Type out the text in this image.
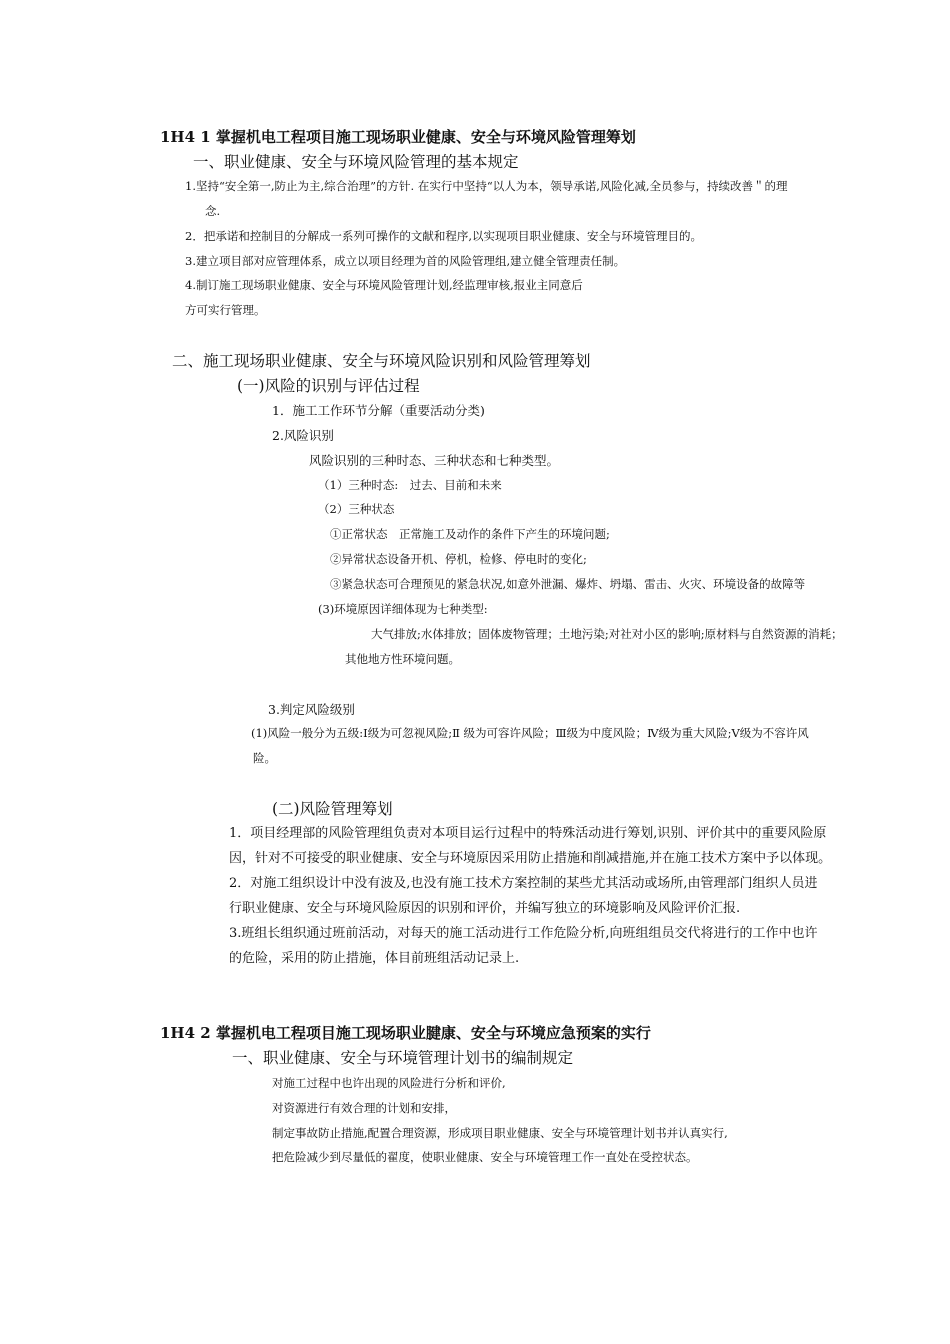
1H4 1 掌握机电工程项目施工现场职业健康、安全与环境风险管理筹划
一、职业健康、安全与环境风险管理的基本规定
1.坚持“安全第一,防止为主,综合治理”的方针. 在实行中坚持“以人为本，领导承诺,风险化减,全员参与，持续改善＂的理
念.
2．把承诺和控制目的分解成一系列可操作的文献和程序,以实现项目职业健康、安全与环境管理目的。
3.建立项目部对应管理体系，成立以项目经理为首的风险管理组,建立健全管理责任制。
4.制订施工现场职业健康、安全与环境风险管理计划,经监理审核,报业主同意后
方可实行管理。
二、施工现场职业健康、安全与环境风险识别和风险管理筹划
(一)风险的识别与评估过程
1．施工工作环节分解（重要活动分类)
2.风险识别
风险识别的三种时态、三种状态和七种类型。
（1）三种时态:　过去、目前和未来
（2）三种状态
①正常状态　正常施工及动作的条件下产生的环境问题;
②异常状态设备开机、停机，检修、停电时的变化;
③紧急状态可合理预见的紧急状况,如意外泄漏、爆炸、坍塌、雷击、火灾、环境设备的故障等
(3)环境原因详细体现为七种类型:
大气排放;水体排放；固体废物管理；土地污染;对社对小区的影响;原材料与自然资源的消耗；
其他地方性环境问题。
3.判定风险级别
(1)风险一般分为五级:Ⅰ级为可忽视风险;Ⅱ 级为可容许风险；Ⅲ级为中度风险；Ⅳ级为重大风险;Ⅴ级为不容许风
险。
(二)风险管理筹划
1．项目经理部的风险管理组负责对本项目运行过程中的特殊活动进行筹划,识别、评价其中的重要风险原
因，针对不可接受的职业健康、安全与环境原因采用防止措施和削减措施,并在施工技术方案中予以体现。
2．对施工组织设计中没有波及,也没有施工技术方案控制的某些尤其活动或场所,由管理部门组织人员进
行职业健康、安全与环境风险原因的识别和评价，并编写独立的环境影响及风险评价汇报.
3.班组长组织通过班前活动，对每天的施工活动进行工作危险分析,向班组组员交代将进行的工作中也许
的危险，采用的防止措施，体目前班组活动记录上.
1H4 2 掌握机电工程项目施工现场职业腱康、安全与环境应急预案的实行
一、职业健康、安全与环境管理计划书的编制规定
对施工过程中也许出现的风险进行分析和评价,
对资源进行有效合理的计划和安排，
制定事故防止措施,配置合理资源，形成项目职业健康、安全与环境管理计划书并认真实行,
把危险减少到尽量低的翟度，使职业健康、安全与环境管理工作一直处在受控状态。
